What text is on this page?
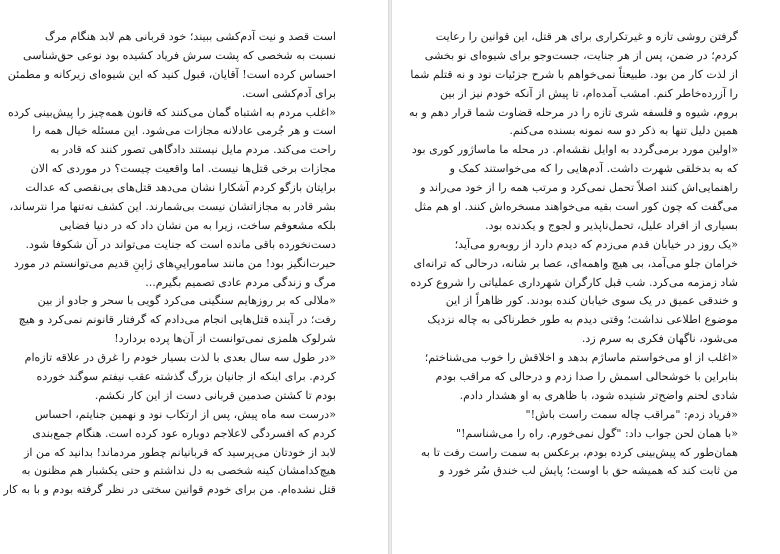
است قصد و نیت آدم‌کشی ببیند؛ خود قربانی هم لابد هنگام مرگ
نسبت به شخصی که پشت سرش فریاد کشیده بود نوعی حق‌شناسی
احساس کرده است! آقایان، قبول کنید که این شیوه‌ای زیرکانه و مطمئن
برای آدم‌کشی است.
«اغلب مردم به اشتباه گمان می‌کنند که قانون همه‌چیز را پیش‌بینی کرده
است و هر جُرمی عادلانه مجازات می‌شود. این مسئله خیال همه را
راحت می‌کند. مردم مایل نیستند دادگاهی تصور کنند که قادر به
مجازات برخی قتل‌ها نیست. اما واقعیت چیست؟ در موردی که الان
برایتان بازگو کردم آشکارا نشان می‌دهد قتل‌های بی‌نقصی که عدالت
بشر قادر به مجازاتشان نیست بی‌شمارند. این کشف نه‌تنها مرا نترساند،
بلکه مشعوفم ساخت، زیرا به من نشان داد که در دنیا فضایی
دست‌نخورده باقی مانده است که جنایت می‌تواند در آن شکوفا شود.
حیرت‌انگیز بود! من مانند ساموراییِ‌های ژاپنِ قدیم می‌توانستم در مورد
مرگ و زندگی مردم عادی تصمیم بگیرم...
«ملالی که بر روزهایم سنگینی می‌کرد گویی با سحر و جادو از بین
رفت؛ در آینده قتل‌هایی انجام می‌دادم که گرفتار قانونم نمی‌کرد و هیچ
شرلوک هلمزی نمی‌توانست از آن‌ها پرده بردارد!
«در طول سه سال بعدی با لذت بسیار خودم را غرق در علاقه تازه‌ام
کردم. برای اینکه از جانیان بزرگ گذشته عقب نیفتم سوگند خورده
بودم تا کشتن صدمین قربانی دست از این کار نکشم.
«درست سه ماه پیش، پس از ارتکاب نود و نهمین جنایتم، احساس
کردم که افسردگی لاعلاجم دوباره عود کرده است. هنگام جمع‌بندی
لابد از خودتان می‌پرسید که قربانیانم چطور مردماند! بدانید که من از
هیچ‌کدامشان کینه شخصی به دل نداشتم و حتی یکشبار هم مظنون به
قتل نشده‌ام. من برای خودم قوانین سختی در نظر گرفته بودم و با به کار
گرفتن روشی تازه و غیرتکراری برای هر قتل، این قوانین را رعایت
کردم؛ در ضمن، پس از هر جنایت، جست‌وجو برای شیوه‌ای نو بخشی
از لذت کار من بود. طبیعتاً نمی‌خواهم با شرح جزئیات نود و نه قتلم شما
را آزرده‌خاطر کنم. امشب آمده‌ام، تا پیش از آنکه خودم نیز از بین
بروم، شیوه و فلسفه شری تازه را در مرحله قضاوت شما قرار دهم و به
همین دلیل تنها به ذکر دو سه نمونه بسنده می‌کنم.
«اولین مورد برمی‌گردد به اوایل نقشه‌ام. در محله ما ماساژور کوری بود
که به بدخلقی شهرت داشت. آدم‌هایی را که می‌خواستند کمک و
راهنمایی‌اش کنند اصلاً تحمل نمی‌کرد و مرتب همه را از خود می‌راند و
می‌گفت که چون کور است بقیه می‌خواهند مسخره‌اش کنند. او هم مثل
بسیاری از افراد علیل، تحمل‌ناپذیر و لجوج و یکدنده بود.
«یک روز در خیابان قدم می‌زدم که دیدم دارد از روبه‌رو می‌آید؛
خرامان جلو می‌آمد، بی هیچ واهمه‌ای، عصا بر شانه، درحالی که ترانه‌ای
شاد زمزمه می‌کرد. شب قبل کارگران شهرداری عملیاتی را شروع کرده
و خندقی عمیق در یک سوی خیابان کنده بودند. کور ظاهراً از این
موضوع اطلاعی نداشت؛ وقتی دیدم به طور خطرناکی به چاله نزدیک
می‌شود، ناگهان فکری به سرم زد.
«اغلب از او می‌خواستم ماساژم بدهد و اخلاقش را خوب می‌شناختم؛
بنابراین با خوشحالی اسمش را صدا زدم و درحالی که مراقب بودم
شادی لحنم واضح‌تر شنیده شود، با ظاهری به او هشدار دادم.
«فریاد زدم: "مراقب چاله سمت راست باش!"
«با همان لحن جواب داد: "گول نمی‌خورم. راه را می‌شناسم!"
همان‌طور که پیش‌بینی کرده بودم، برعکس به سمت راست رفت تا به
من ثابت کند که همیشه حق با اوست؛ پایش لب خندق سُر خورد و
